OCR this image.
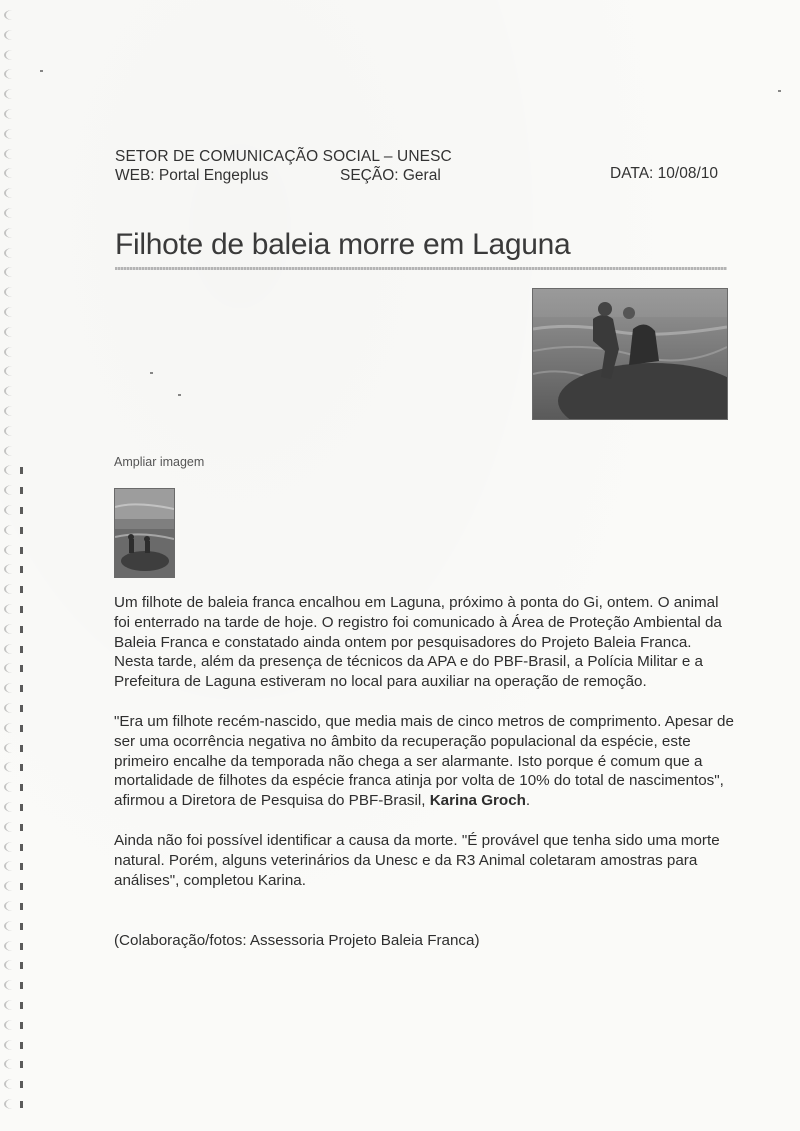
SETOR DE COMUNICAÇÃO SOCIAL – UNESC
WEB: Portal Engeplus	SEÇÃO: Geral	DATA: 10/08/10
Filhote de baleia morre em Laguna
Ampliar imagem

Um filhote de baleia franca encalhou em Laguna, próximo à ponta do Gi, ontem. O animal foi enterrado na tarde de hoje. O registro foi comunicado à Área de Proteção Ambiental da Baleia Franca e constatado ainda ontem por pesquisadores do Projeto Baleia Franca. Nesta tarde, além da presença de técnicos da APA e do PBF-Brasil, a Polícia Militar e a Prefeitura de Laguna estiveram no local para auxiliar na operação de remoção.

"Era um filhote recém-nascido, que media mais de cinco metros de comprimento. Apesar de ser uma ocorrência negativa no âmbito da recuperação populacional da espécie, este primeiro encalhe da temporada não chega a ser alarmante. Isto porque é comum que a mortalidade de filhotes da espécie franca atinja por volta de 10% do total de nascimentos", afirmou a Diretora de Pesquisa do PBF-Brasil, Karina Groch.

Ainda não foi possível identificar a causa da morte. "É provável que tenha sido uma morte natural. Porém, alguns veterinários da Unesc e da R3 Animal coletaram amostras para análises", completou Karina.

(Colaboração/fotos: Assessoria Projeto Baleia Franca)
